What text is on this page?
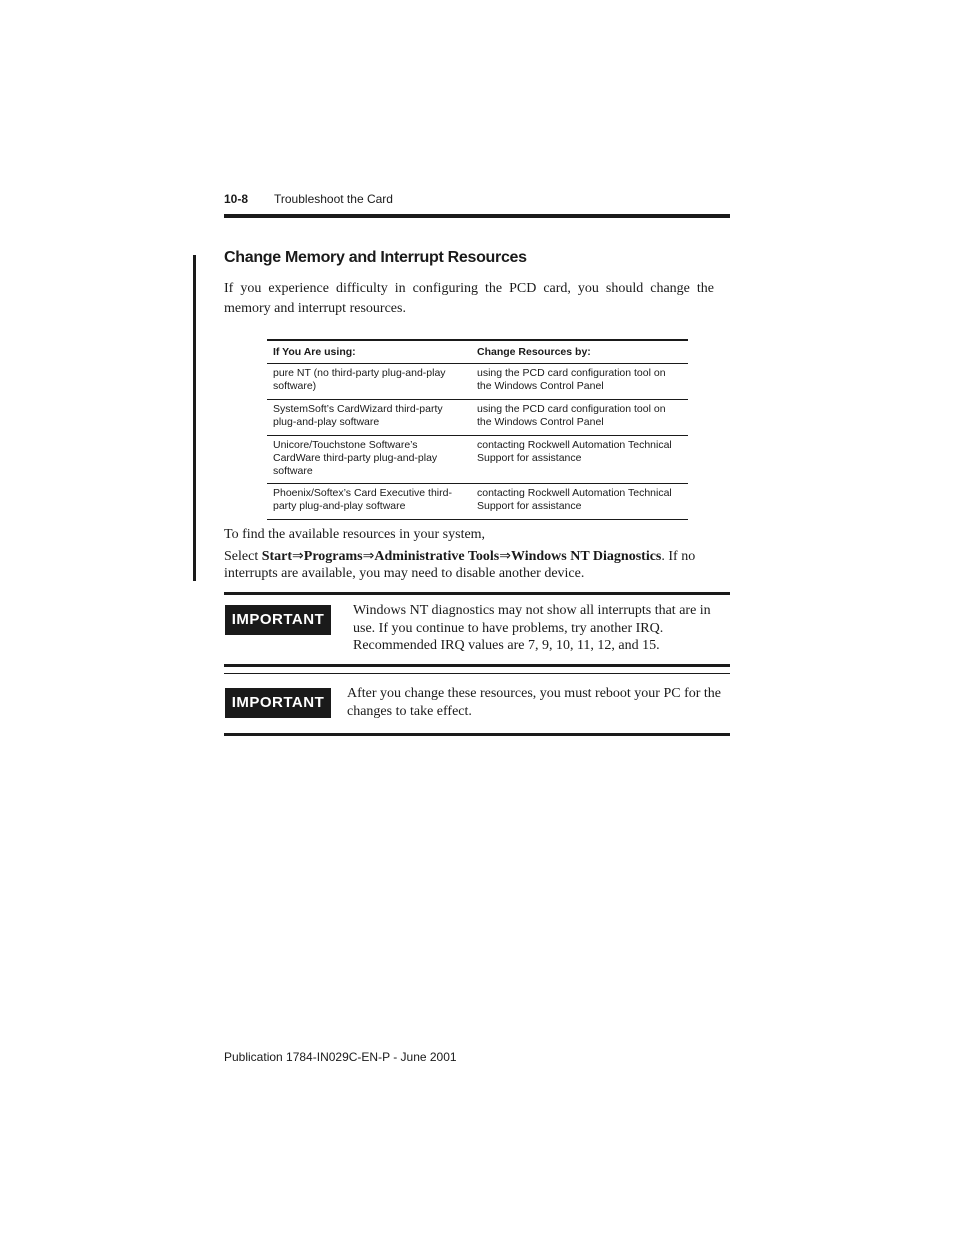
10-8 Troubleshoot the Card
Change Memory and Interrupt Resources
If you experience difficulty in configuring the PCD card, you should change the memory and interrupt resources.
If You Are using:	Change Resources by:
pure NT (no third-party plug-and-play software)	using the PCD card configuration tool on the Windows Control Panel
SystemSoft’s CardWizard third-party plug-and-play software	using the PCD card configuration tool on the Windows Control Panel
Unicore/Touchstone Software’s CardWare third-party plug-and-play software	contacting Rockwell Automation Technical Support for assistance
Phoenix/Softex’s Card Executive third-party plug-and-play software	contacting Rockwell Automation Technical Support for assistance
To find the available resources in your system,
Select Start⇒Programs⇒Administrative Tools⇒Windows NT Diagnostics. If no interrupts are available, you may need to disable another device.
IMPORTANT
Windows NT diagnostics may not show all interrupts that are in use. If you continue to have problems, try another IRQ. Recommended IRQ values are 7, 9, 10, 11, 12, and 15.
IMPORTANT
After you change these resources, you must reboot your PC for the changes to take effect.
Publication 1784-IN029C-EN-P - June 2001
